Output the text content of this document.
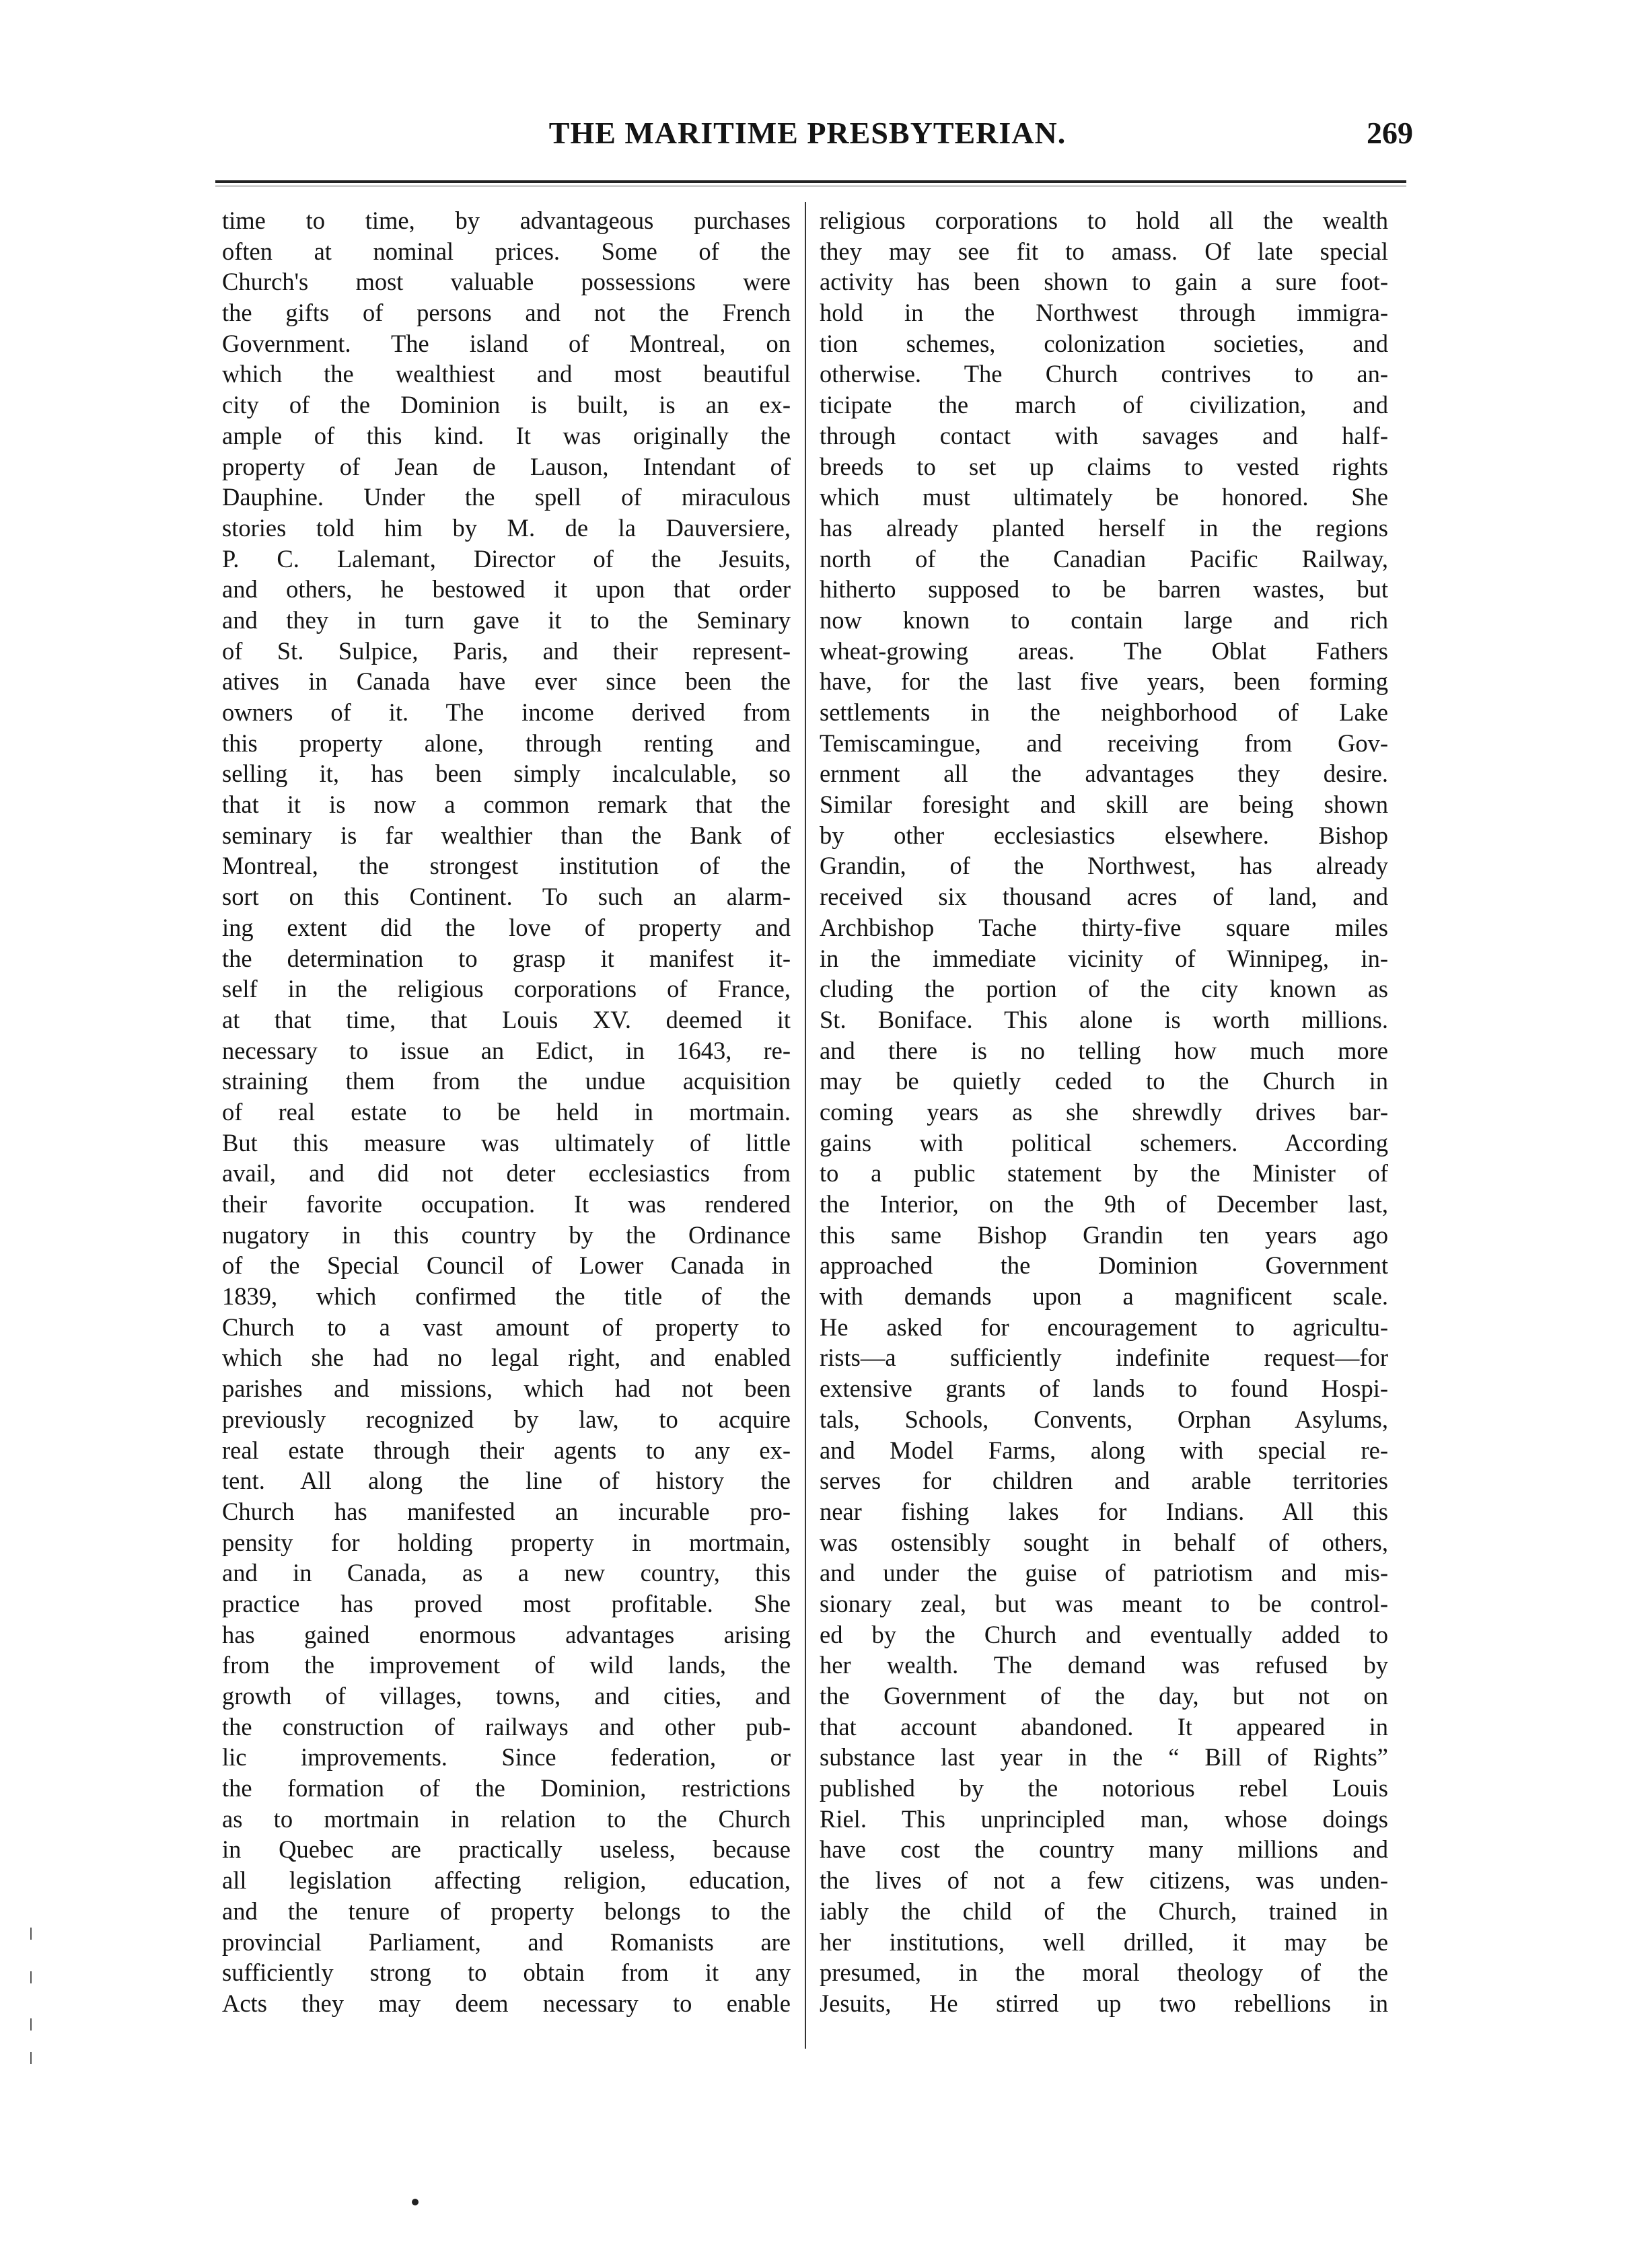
THE MARITIME PRESBYTERIAN.	269
time to time, by advantageous purchases
often at nominal prices. Some of the
Church's most valuable possessions were
the gifts of persons and not the French
Government. The island of Montreal, on
which the wealthiest and most beautiful
city of the Dominion is built, is an ex-
ample of this kind. It was originally the
property of Jean de Lauson, Intendant of
Dauphine. Under the spell of miraculous
stories told him by M. de la Dauversiere,
P. C. Lalemant, Director of the Jesuits,
and others, he bestowed it upon that order
and they in turn gave it to the Seminary
of St. Sulpice, Paris, and their represent-
atives in Canada have ever since been the
owners of it. The income derived from
this property alone, through renting and
selling it, has been simply incalculable, so
that it is now a common remark that the
seminary is far wealthier than the Bank of
Montreal, the strongest institution of the
sort on this Continent. To such an alarm-
ing extent did the love of property and
the determination to grasp it manifest it-
self in the religious corporations of France,
at that time, that Louis XV. deemed it
necessary to issue an Edict, in 1643, re-
straining them from the undue acquisition
of real estate to be held in mortmain.
But this measure was ultimately of little
avail, and did not deter ecclesiastics from
their favorite occupation. It was rendered
nugatory in this country by the Ordinance
of the Special Council of Lower Canada in
1839, which confirmed the title of the
Church to a vast amount of property to
which she had no legal right, and enabled
parishes and missions, which had not been
previously recognized by law, to acquire
real estate through their agents to any ex-
tent. All along the line of history the
Church has manifested an incurable pro-
pensity for holding property in mortmain,
and in Canada, as a new country, this
practice has proved most profitable. She
has gained enormous advantages arising
from the improvement of wild lands, the
growth of villages, towns, and cities, and
the construction of railways and other pub-
lic improvements. Since federation, or
the formation of the Dominion, restrictions
as to mortmain in relation to the Church
in Quebec are practically useless, because
all legislation affecting religion, education,
and the tenure of property belongs to the
provincial Parliament, and Romanists are
sufficiently strong to obtain from it any
Acts they may deem necessary to enable
religious corporations to hold all the wealth
they may see fit to amass. Of late special
activity has been shown to gain a sure foot-
hold in the Northwest through immigra-
tion schemes, colonization societies, and
otherwise. The Church contrives to an-
ticipate the march of civilization, and
through contact with savages and half-
breeds to set up claims to vested rights
which must ultimately be honored. She
has already planted herself in the regions
north of the Canadian Pacific Railway,
hitherto supposed to be barren wastes, but
now known to contain large and rich
wheat-growing areas. The Oblat Fathers
have, for the last five years, been forming
settlements in the neighborhood of Lake
Temiscamingue, and receiving from Gov-
ernment all the advantages they desire.
Similar foresight and skill are being shown
by other ecclesiastics elsewhere. Bishop
Grandin, of the Northwest, has already
received six thousand acres of land, and
Archbishop Tache thirty-five square miles
in the immediate vicinity of Winnipeg, in-
cluding the portion of the city known as
St. Boniface. This alone is worth millions.
and there is no telling how much more
may be quietly ceded to the Church in
coming years as she shrewdly drives bar-
gains with political schemers. According
to a public statement by the Minister of
the Interior, on the 9th of December last,
this same Bishop Grandin ten years ago
approached the Dominion Government
with demands upon a magnificent scale.
He asked for encouragement to agricultu-
rists—a sufficiently indefinite request—for
extensive grants of lands to found Hospi-
tals, Schools, Convents, Orphan Asylums,
and Model Farms, along with special re-
serves for children and arable territories
near fishing lakes for Indians. All this
was ostensibly sought in behalf of others,
and under the guise of patriotism and mis-
sionary zeal, but was meant to be control-
ed by the Church and eventually added to
her wealth. The demand was refused by
the Government of the day, but not on
that account abandoned. It appeared in
substance last year in the “ Bill of Rights”
published by the notorious rebel Louis
Riel. This unprincipled man, whose doings
have cost the country many millions and
the lives of not a few citizens, was unden-
iably the child of the Church, trained in
her institutions, well drilled, it may be
presumed, in the moral theology of the
Jesuits, He stirred up two rebellions in
